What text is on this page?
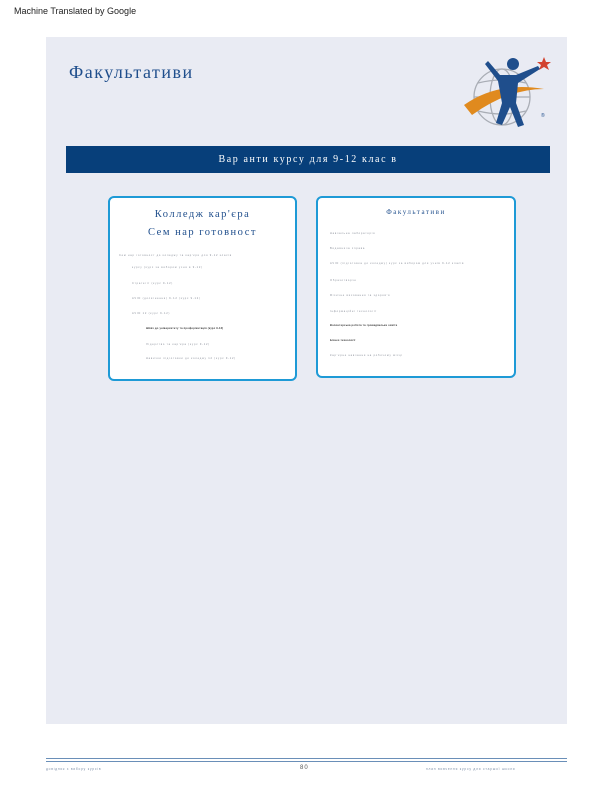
Machine Translated by Google
Факультативи
®
Вар анти курсу для 9-12 клас в
Колледж кар'єра
Сем нар готовност
Сем нар готовност до коледжу та кар'єри для 9-12 класів
курсу (курс за вибором учня в 9-12)
Стратегії (курс 9-12)
AVID (досягнення) 9-12 (курс 9-12)
AVID 12 (курс 9-12)
Шлях до університету та профорієнтація (курс 9-12)
Лідерство та кар'єра (курс 9-12)
Навички підготовки до коледжу 12 (курс 9-12)
Факультативи
Навчальна лабораторія
Видавнича справа
AVID (підготовка до коледжу) курс за вибором для учнів 9-12 класів
Образотворче
Фізичне виховання та здоров'я
Інформаційні технології
Волонтерська робота та громадянська освіта
Бізнес-технології
Кар'єрне навчання на робочому місці
довідник з вибору курсів	80	план вивчення курсу для старшої школи
